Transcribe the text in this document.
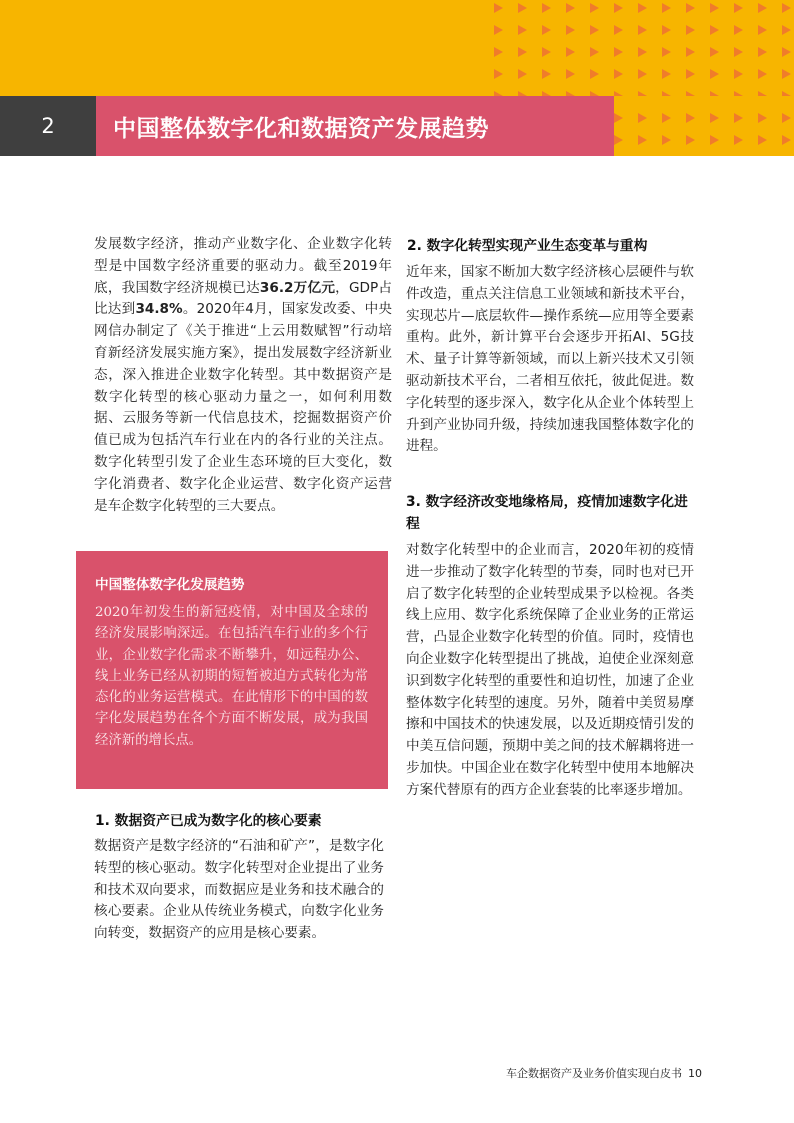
2	中国整体数字化和数据资产发展趋势

发展数字经济，推动产业数字化、企业数字化转型是中国数字经济重要的驱动力。截至2019年底，我国数字经济规模已达36.2万亿元，GDP占比达到34.8%。2020年4月，国家发改委、中央网信办制定了《关于推进“上云用数赋智”行动培育新经济发展实施方案》，提出发展数字经济新业态，深入推进企业数字化转型。其中数据资产是数字化转型的核心驱动力量之一，如何利用数据、云服务等新一代信息技术，挖掘数据资产价值已成为包括汽车行业在内的各行业的关注点。数字化转型引发了企业生态环境的巨大变化，数字化消费者、数字化企业运营、数字化资产运营是车企数字化转型的三大要点。

中国整体数字化发展趋势

2020年初发生的新冠疫情，对中国及全球的经济发展影响深远。在包括汽车行业的多个行业，企业数字化需求不断攀升，如远程办公、线上业务已经从初期的短暂被迫方式转化为常态化的业务运营模式。在此情形下的中国的数字化发展趋势在各个方面不断发展，成为我国经济新的增长点。

1. 数据资产已成为数字化的核心要素

数据资产是数字经济的“石油和矿产”，是数字化转型的核心驱动。数字化转型对企业提出了业务和技术双向要求，而数据应是业务和技术融合的核心要素。企业从传统业务模式，向数字化业务向转变，数据资产的应用是核心要素。

2. 数字化转型实现产业生态变革与重构

近年来，国家不断加大数字经济核心层硬件与软件改造，重点关注信息工业领域和新技术平台，实现芯片—底层软件—操作系统—应用等全要素重构。此外，新计算平台会逐步开拓AI、5G技术、量子计算等新领域，而以上新兴技术又引领驱动新技术平台，二者相互依托，彼此促进。数字化转型的逐步深入，数字化从企业个体转型上升到产业协同升级，持续加速我国整体数字化的进程。

3. 数字经济改变地缘格局，疫情加速数字化进程

对数字化转型中的企业而言，2020年初的疫情进一步推动了数字化转型的节奏，同时也对已开启了数字化转型的企业转型成果予以检视。各类线上应用、数字化系统保障了企业业务的正常运营，凸显企业数字化转型的价值。同时，疫情也向企业数字化转型提出了挑战，迫使企业深刻意识到数字化转型的重要性和迫切性，加速了企业整体数字化转型的速度。另外，随着中美贸易摩擦和中国技术的快速发展，以及近期疫情引发的中美互信问题，预期中美之间的技术解耦将进一步加快。中国企业在数字化转型中使用本地解决方案代替原有的西方企业套装的比率逐步增加。

车企数据资产及业务价值实现白皮书 10
